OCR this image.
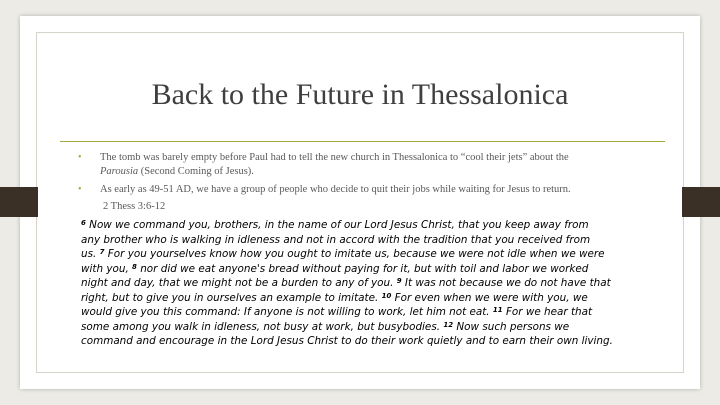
Back to the Future in Thessalonica
• The tomb was barely empty before Paul had to tell the new church in Thessalonica to “cool their jets” about the
Parousia (Second Coming of Jesus).
• As early as 49-51 AD, we have a group of people who decide to quit their jobs while waiting for Jesus to return.
2 Thess 3:6-12
$^6$ Now we command you, brothers, in the name of our Lord Jesus Christ, that you keep away from
any brother who is walking in idleness and not in accord with the tradition that you received from
us. $^7$ For you yourselves know how you ought to imitate us, because we were not idle when we were
with you, $^8$ nor did we eat anyone's bread without paying for it, but with toil and labor we worked
night and day, that we might not be a burden to any of you. $^9$ It was not because we do not have that
right, but to give you in ourselves an example to imitate. $^{10}$ For even when we were with you, we
would give you this command: If anyone is not willing to work, let him not eat. $^{11}$ For we hear that
some among you walk in idleness, not busy at work, but busybodies. $^{12}$ Now such persons we
command and encourage in the Lord Jesus Christ to do their work quietly and to earn their own living.
